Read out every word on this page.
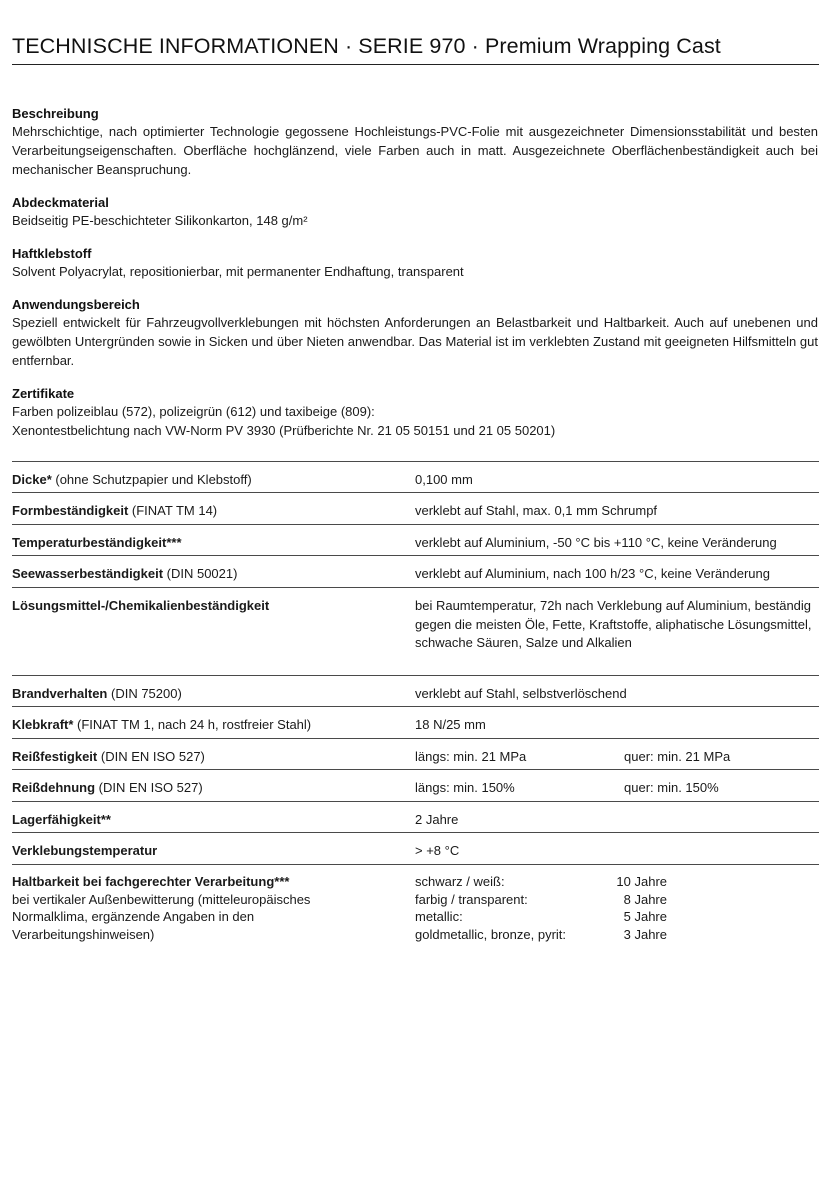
TECHNISCHE INFORMATIONEN · SERIE 970 · Premium Wrapping Cast
Beschreibung

Mehrschichtige, nach optimierter Technologie gegossene Hochleistungs-PVC-Folie mit ausgezeichneter Dimensionsstabilität und besten Verarbeitungseigenschaften. Oberfläche hochglänzend, viele Farben auch in matt. Ausgezeichnete Oberflächenbeständigkeit auch bei mechanischer Beanspruchung.

Abdeckmaterial

Beidseitig PE-beschichteter Silikonkarton, 148 g/m²

Haftklebstoff

Solvent Polyacrylat, repositionierbar, mit permanenter Endhaftung, transparent

Anwendungsbereich

Speziell entwickelt für Fahrzeugvollverklebungen mit höchsten Anforderungen an Belastbarkeit und Haltbarkeit. Auch auf unebenen und gewölbten Untergründen sowie in Sicken und über Nieten anwendbar. Das Material ist im verklebten Zustand mit geeigneten Hilfsmitteln gut entfernbar.

Zertifikate

Farben polizeiblau (572), polizeigrün (612) und taxibeige (809):

Xenontestbelichtung nach VW-Norm PV 3930 (Prüfberichte Nr. 21 05 50151 und 21 05 50201)

Dicke* (ohne Schutzpapier und Klebstoff)	0,100 mm
Formbeständigkeit (FINAT TM 14)	verklebt auf Stahl, max. 0,1 mm Schrumpf
Temperaturbeständigkeit***	verklebt auf Aluminium, -50 °C bis +110 °C, keine Veränderung
Seewasserbeständigkeit (DIN 50021)	verklebt auf Aluminium, nach 100 h/23 °C, keine Veränderung
Lösungsmittel-/Chemikalienbeständigkeit	bei Raumtemperatur, 72h nach Verklebung auf Aluminium, beständig gegen die meisten Öle, Fette, Kraftstoffe, aliphatische Lösungsmittel, schwache Säuren, Salze und Alkalien
Brandverhalten (DIN 75200)	verklebt auf Stahl, selbstverlöschend
Klebkraft* (FINAT TM 1, nach 24 h, rostfreier Stahl)	18 N/25 mm
Reißfestigkeit (DIN EN ISO 527)	längs: min. 21 MPa	quer: min. 21 MPa
Reißdehnung (DIN EN ISO 527)	längs: min. 150%	quer: min. 150%
Lagerfähigkeit**	2 Jahre
Verklebungstemperatur	> +8 °C
Haltbarkeit bei fachgerechter Verarbeitung***
bei vertikaler Außenbewitterung (mitteleuropäisches
Normalklima, ergänzende Angaben in den
Verarbeitungshinweisen)
schwarz / weiß:	10 Jahre
farbig / transparent:	8 Jahre
metallic:	5 Jahre
goldmetallic, bronze, pyrit:	3 Jahre
